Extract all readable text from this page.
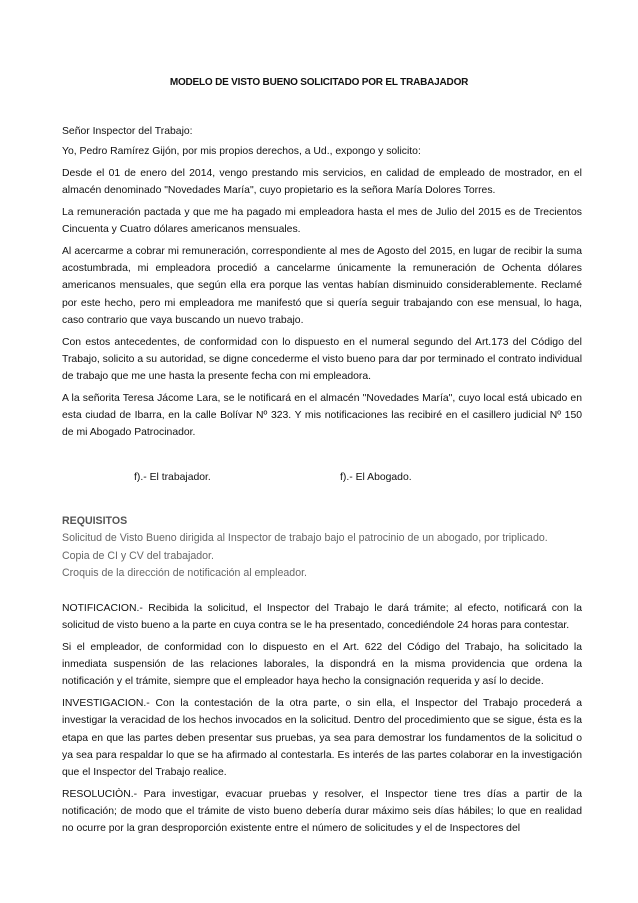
MODELO DE VISTO BUENO SOLICITADO POR EL TRABAJADOR

Señor Inspector del Trabajo:

Yo, Pedro Ramírez Gijón, por mis propios derechos, a Ud., expongo y solicito:

Desde el 01 de enero del 2014, vengo prestando mis servicios, en calidad de empleado de mostrador, en el almacén denominado "Novedades María", cuyo propietario es la señora María Dolores Torres.

La remuneración pactada y que me ha pagado mi empleadora hasta el mes de Julio del 2015 es de Trecientos Cincuenta y Cuatro dólares americanos mensuales.

Al acercarme a cobrar mi remuneración, correspondiente al mes de Agosto del 2015, en lugar de recibir la suma acostumbrada, mi empleadora procedió a cancelarme únicamente la remuneración de Ochenta dólares americanos mensuales, que según ella era porque las ventas habían disminuido considerablemente. Reclamé por este hecho, pero mi empleadora me manifestó que si quería seguir trabajando con ese mensual, lo haga, caso contrario que vaya buscando un nuevo trabajo.

Con estos antecedentes, de conformidad con lo dispuesto en el numeral segundo del Art.173 del Código del Trabajo, solicito a su autoridad, se digne concederme el visto bueno para dar por terminado el contrato individual de trabajo que me une hasta la presente fecha con mi empleadora.

A la señorita Teresa Jácome Lara, se le notificará en el almacén "Novedades María", cuyo local está ubicado en esta ciudad de Ibarra, en la calle Bolívar Nº 323. Y mis notificaciones las recibiré en el casillero judicial Nº 150 de mi Abogado Patrocinador.

f).- El trabajador.	f).- El Abogado.
REQUISITOS
Solicitud de Visto Bueno dirigida al Inspector de trabajo bajo el patrocinio de un abogado, por triplicado.
Copia de CI y CV del trabajador.
Croquis de la dirección de notificación al empleador.

NOTIFICACION.- Recibida la solicitud, el Inspector del Trabajo le dará trámite; al efecto, notificará con la solicitud de visto bueno a la parte en cuya contra se le ha presentado, concediéndole 24 horas para contestar.

Si el empleador, de conformidad con lo dispuesto en el Art. 622 del Código del Trabajo, ha solicitado la inmediata suspensión de las relaciones laborales, la dispondrá en la misma providencia que ordena la notificación y el trámite, siempre que el empleador haya hecho la consignación requerida y así lo decide.

INVESTIGACION.- Con la contestación de la otra parte, o sin ella, el Inspector del Trabajo procederá a investigar la veracidad de los hechos invocados en la solicitud. Dentro del procedimiento que se sigue, ésta es la etapa en que las partes deben presentar sus pruebas, ya sea para demostrar los fundamentos de la solicitud o ya sea para respaldar lo que se ha afirmado al contestarla. Es interés de las partes colaborar en la investigación que el Inspector del Trabajo realice.

RESOLUCIÒN.- Para investigar, evacuar pruebas y resolver, el Inspector tiene tres días a partir de la notificación; de modo que el trámite de visto bueno debería durar máximo seis días hábiles; lo que en realidad no ocurre por la gran desproporción existente entre el número de solicitudes y el de Inspectores del
